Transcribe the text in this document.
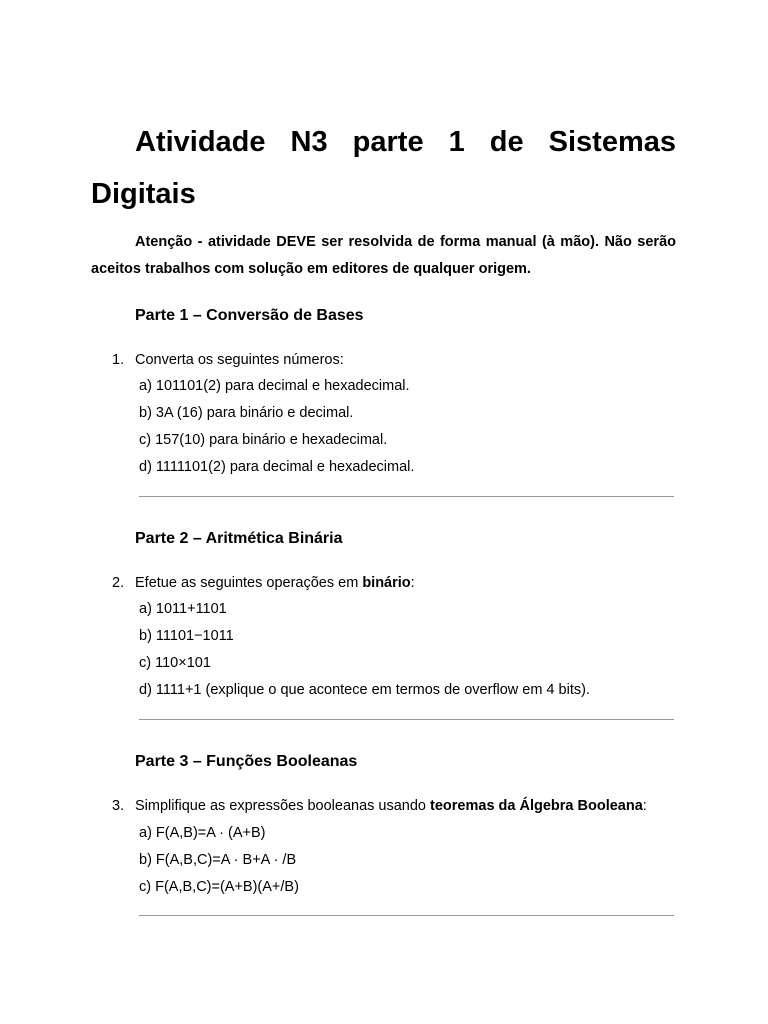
Atividade N3 parte 1 de Sistemas Digitais

Atenção - atividade DEVE ser resolvida de forma manual (à mão). Não serão aceitos trabalhos com solução em editores de qualquer origem.

Parte 1 – Conversão de Bases
1. Converta os seguintes números:
a) 101101(2) para decimal e hexadecimal.
b) 3A (16) para binário e decimal.
c) 157(10) para binário e hexadecimal.
d) 1111101(2) para decimal e hexadecimal.
Parte 2 – Aritmética Binária
2. Efetue as seguintes operações em binário:
a) 1011+1101
b) 11101−1011
c) 110×101
d) 1111+1 (explique o que acontece em termos de overflow em 4 bits).
Parte 3 – Funções Booleanas
3. Simplifique as expressões booleanas usando teoremas da Álgebra Booleana:
a) F(A,B)=A · (A+B)
b) F(A,B,C)=A · B+A · /B
c) F(A,B,C)=(A+B)(A+/B)
